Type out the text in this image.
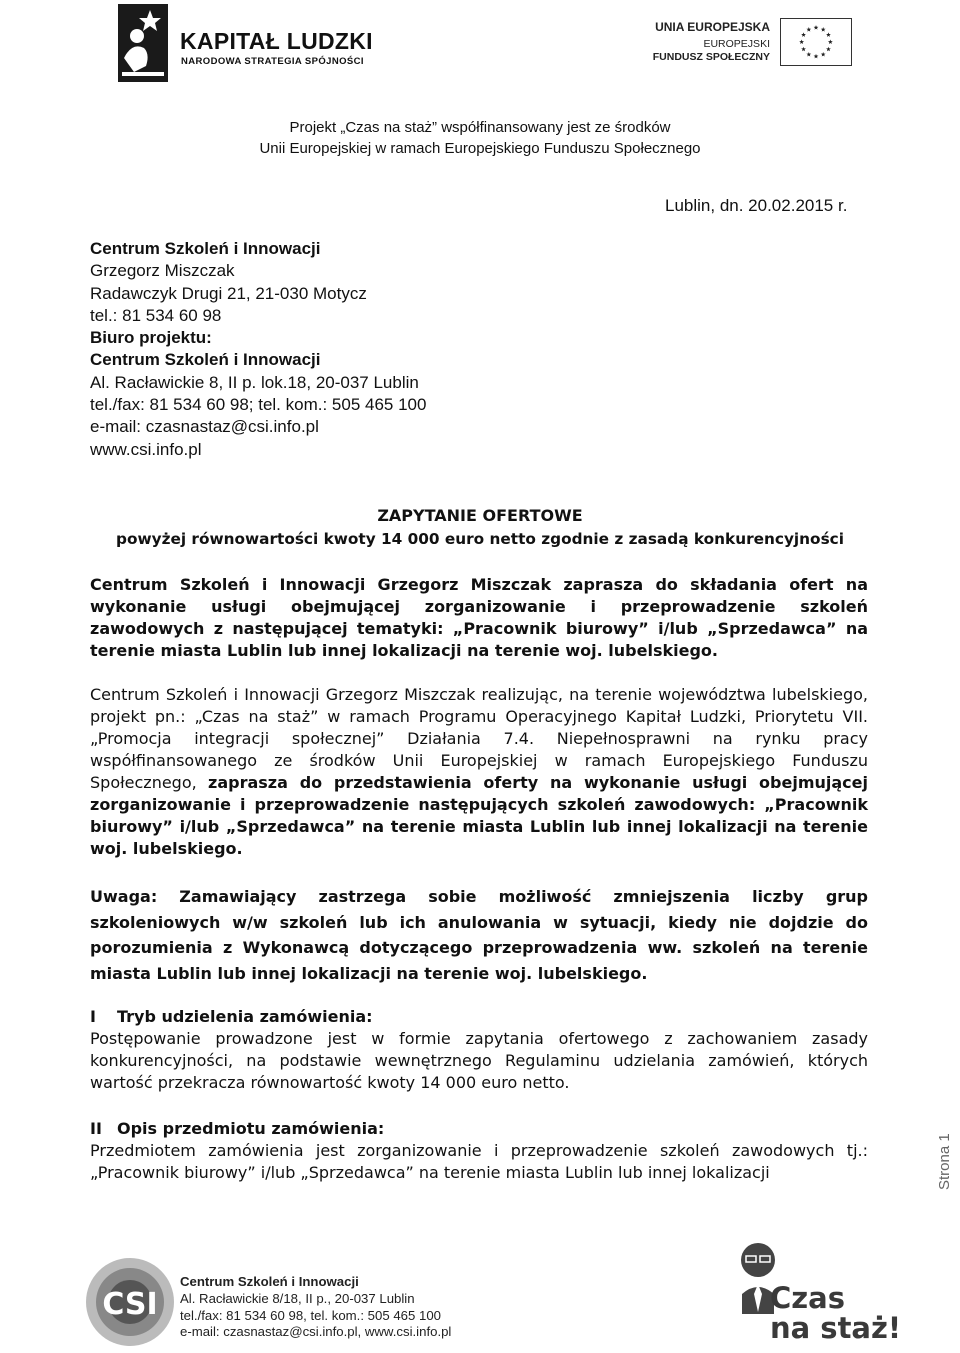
KAPITAŁ LUDZKI
NARODOWA STRATEGIA SPÓJNOŚCI
UNIA EUROPEJSKA
EUROPEJSKI
FUNDUSZ SPOŁECZNY
Projekt „Czas na staż” współfinansowany jest ze środków
Unii Europejskiej w ramach Europejskiego Funduszu Społecznego
Lublin, dn. 20.02.2015 r.
Centrum Szkoleń i Innowacji
Grzegorz Miszczak
Radawczyk Drugi 21, 21-030 Motycz
tel.: 81 534 60 98
Biuro projektu:
Centrum Szkoleń i Innowacji
Al. Racławickie 8, II p. lok.18, 20-037 Lublin
tel./fax: 81 534 60 98; tel. kom.: 505 465 100
e-mail: czasnastaz@csi.info.pl
www.csi.info.pl
ZAPYTANIE OFERTOWE
powyżej równowartości kwoty 14 000 euro netto zgodnie z zasadą konkurencyjności
Centrum Szkoleń i Innowacji Grzegorz Miszczak zaprasza do składania ofert na wykonanie usługi obejmującej zorganizowanie i przeprowadzenie szkoleń zawodowych z następującej tematyki: „Pracownik biurowy” i/lub „Sprzedawca” na terenie miasta Lublin lub innej lokalizacji na terenie woj. lubelskiego.
Centrum Szkoleń i Innowacji Grzegorz Miszczak realizując, na terenie województwa lubelskiego, projekt pn.: „Czas na staż” w ramach Programu Operacyjnego Kapitał Ludzki, Priorytetu VII. „Promocja integracji społecznej” Działania 7.4. Niepełnosprawni na rynku pracy współfinansowanego ze środków Unii Europejskiej w ramach Europejskiego Funduszu Społecznego, zaprasza do przedstawienia oferty na wykonanie usługi obejmującej zorganizowanie i przeprowadzenie następujących szkoleń zawodowych: „Pracownik biurowy” i/lub „Sprzedawca” na terenie miasta Lublin lub innej lokalizacji na terenie woj. lubelskiego.
Uwaga: Zamawiający zastrzega sobie możliwość zmniejszenia liczby grup szkoleniowych w/w szkoleń lub ich anulowania w sytuacji, kiedy nie dojdzie do porozumienia z Wykonawcą dotyczącego przeprowadzenia ww. szkoleń na terenie miasta Lublin lub innej lokalizacji na terenie woj. lubelskiego.
I Tryb udzielenia zamówienia:
Postępowanie prowadzone jest w formie zapytania ofertowego z zachowaniem zasady konkurencyjności, na podstawie wewnętrznego Regulaminu udzielania zamówień, których wartość przekracza równowartość kwoty 14 000 euro netto.
II Opis przedmiotu zamówienia:
Przedmiotem zamówienia jest zorganizowanie i przeprowadzenie szkoleń zawodowych tj.: „Pracownik biurowy” i/lub „Sprzedawca” na terenie miasta Lublin lub innej lokalizacji	Strona 1
CSI
Centrum Szkoleń i Innowacji
Al. Racławickie 8/18, II p., 20-037 Lublin
tel./fax: 81 534 60 98, tel. kom.: 505 465 100
e-mail: czasnastaz@csi.info.pl, www.csi.info.pl
Czas
na staż!
